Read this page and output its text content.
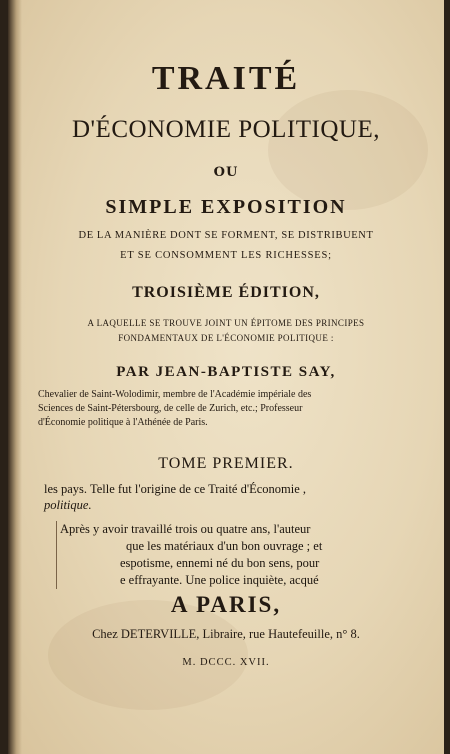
TRAITÉ
D'ÉCONOMIE POLITIQUE,
OU
SIMPLE EXPOSITION
DE LA MANIÈRE DONT SE FORMENT, SE DISTRIBUENT
ET SE CONSOMMENT LES RICHESSES;
TROISIÈME ÉDITION,
A LAQUELLE SE TROUVE JOINT UN ÉPITOME DES PRINCIPES
FONDAMENTAUX DE L'ÉCONOMIE POLITIQUE :
PAR JEAN-BAPTISTE SAY,

Chevalier de Saint-Wolodimir, membre de l'Académie impériale des

Sciences de Saint-Pétersbourg, de celle de Zurich, etc.; Professeur

d'Économie politique à l'Athénée de Paris.

TOME PREMIER.
les pays. Telle fut l'origine de ce Traité d'Économie ,
politique.
Après y avoir travaillé trois ou quatre ans, l'auteur
que les matériaux d'un bon ouvrage ; et
espotisme, ennemi né du bon sens, pour
e effrayante. Une police inquiète, acqué
A PARIS,
Chez DETERVILLE, Libraire, rue Hautefeuille, n° 8.
M. DCCC. XVII.
